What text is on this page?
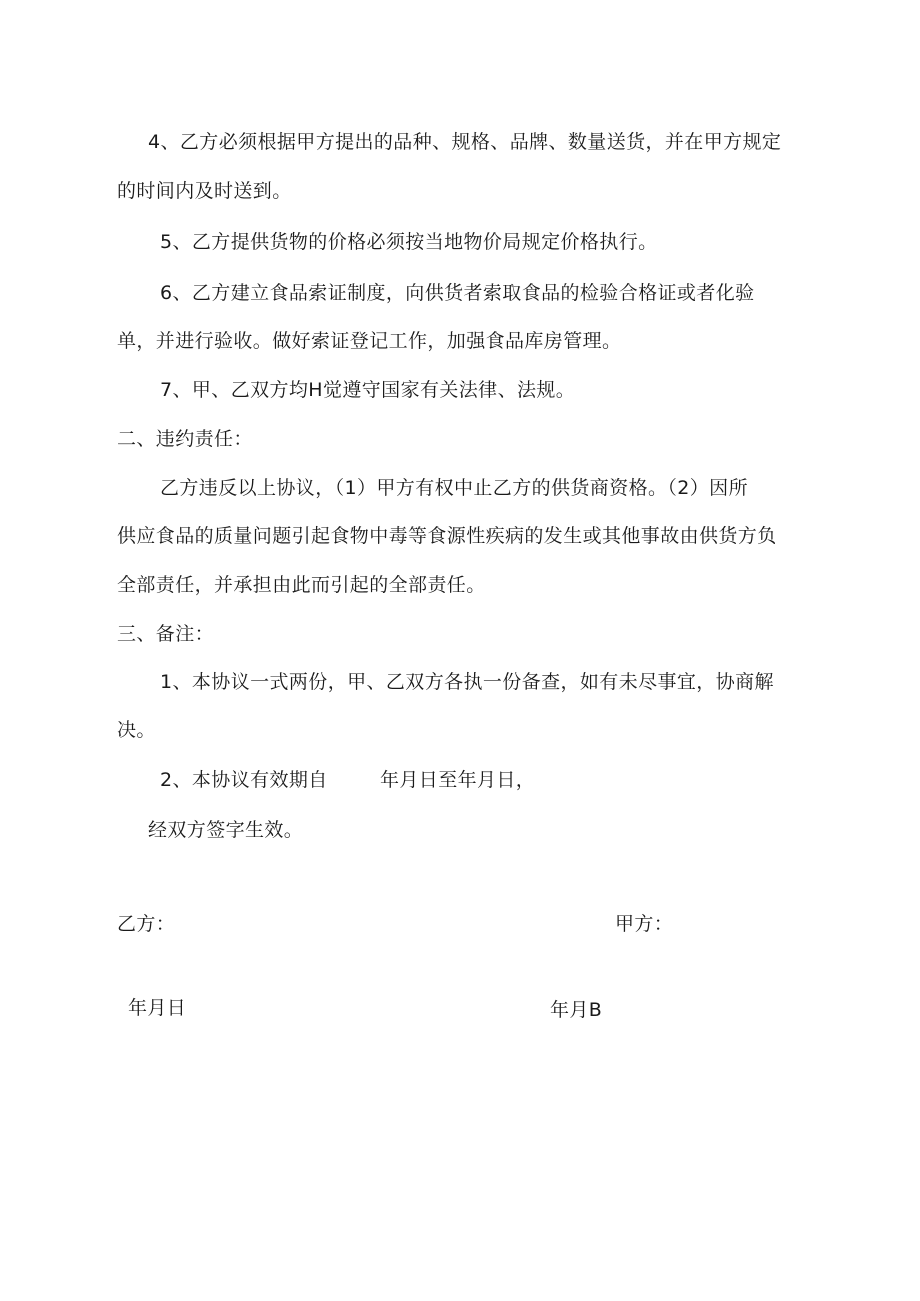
4、乙方必须根据甲方提出的品种、规格、品牌、数量送货，并在甲方规定
的时间内及时送到。
5、乙方提供货物的价格必须按当地物价局规定价格执行。
6、乙方建立食品索证制度，向供货者索取食品的检验合格证或者化验
单，并进行验收。做好索证登记工作，加强食品库房管理。
7、甲、乙双方均H觉遵守国家有关法律、法规。
二、违约责任：
乙方违反以上协议，（1）甲方有权中止乙方的供货商资格。（2）因所
供应食品的质量问题引起食物中毒等食源性疾病的发生或其他事故由供货方负
全部责任，并承担由此而引起的全部责任。
三、备注：
1、本协议一式两份，甲、乙双方各执一份备查，如有未尽事宜，协商解
决。
2、本协议有效期自	年月日至年月日，
经双方签字生效。
乙方：	甲方：
年月日	年月B
